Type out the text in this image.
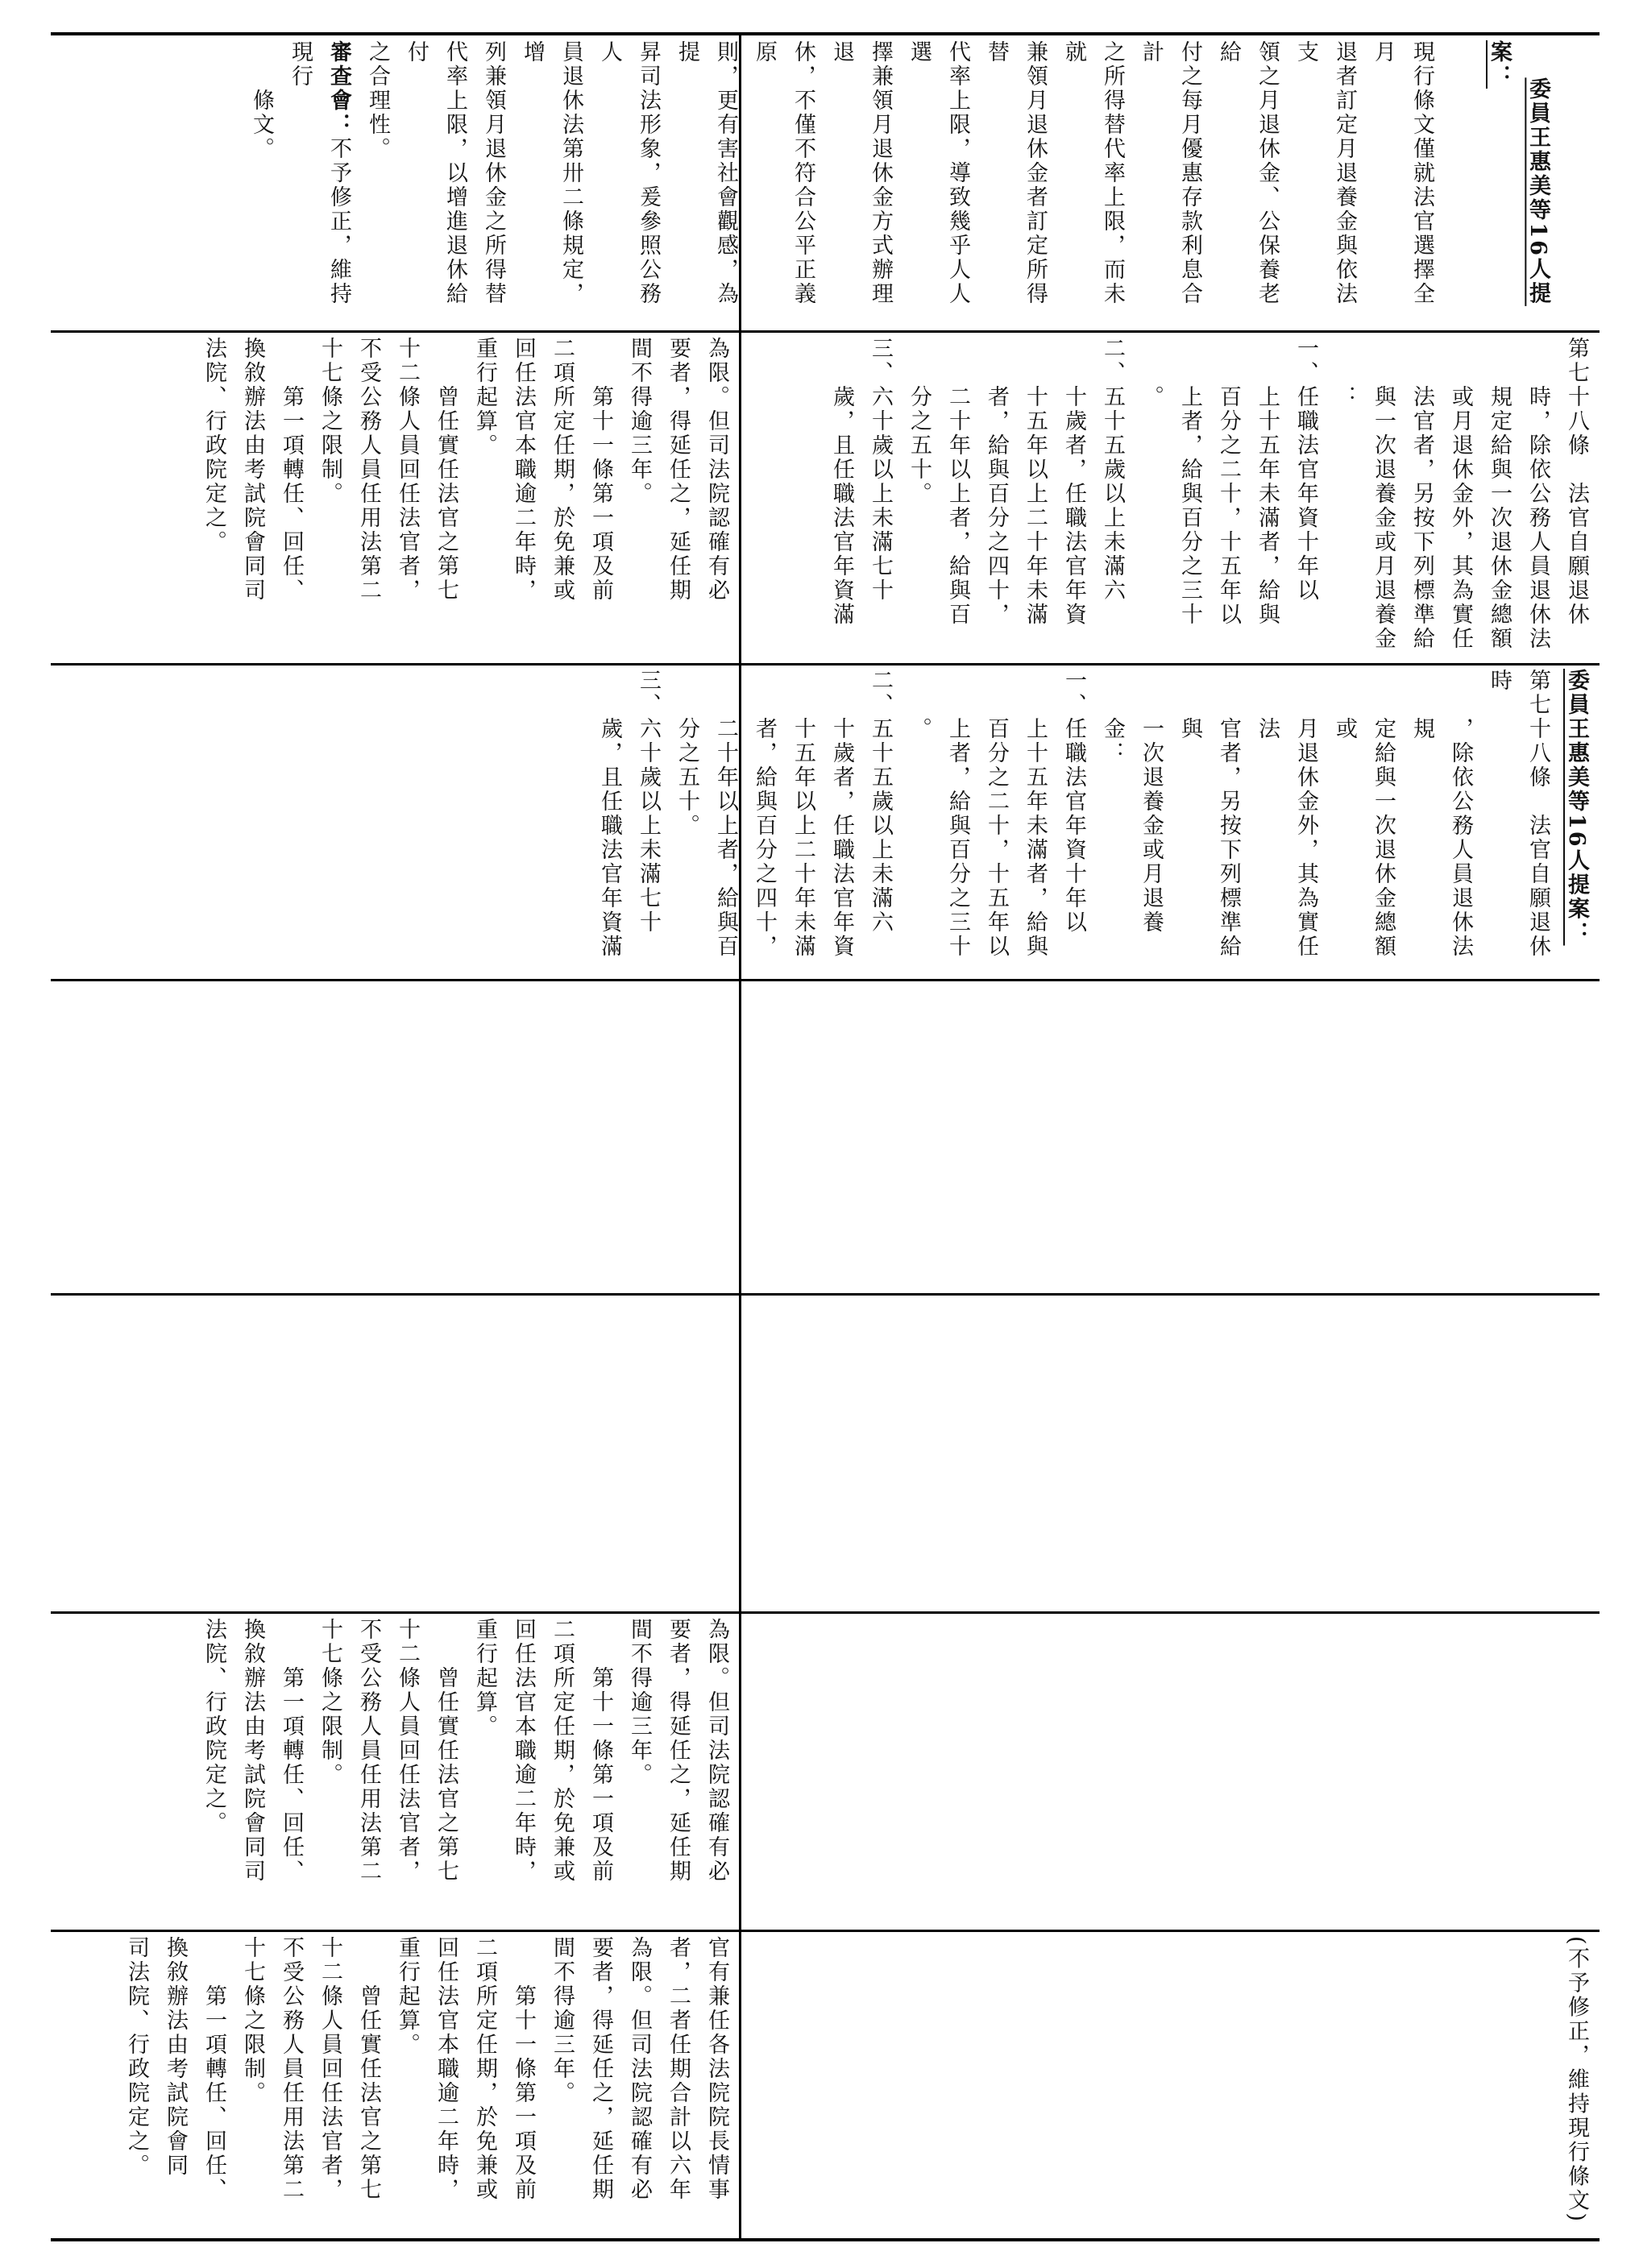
委員王惠美等16人提案：

現行條文僅就法官選擇全月
退者訂定月退養金與依法支
領之月退休金、公保養老給
付之每月優惠存款利息合計
之所得替代率上限，而未就
兼領月退休金者訂定所得替
代率上限，導致幾乎人人選
擇兼領月退休金方式辦理退
休，不僅不符合公平正義原
則，更有害社會觀感，為提
昇司法形象，爰參照公務人
員退休法第卅二條規定，增
列兼領月退休金之所得替
代率上限，以增進退休給付
之合理性。
審查會：不予修正，維持現行
條文。
為限。但司法院認確有必
要者，得延任之，延任期
間不得逾三年。
第十一條第一項及前
二項所定任期，於免兼或
回任法官本職逾二年時，
重行起算。
曾任實任法官之第七
十二條人員回任法官者，
不受公務人員任用法第二
十七條之限制。
第一項轉任、回任、
換敘辦法由考試院會同司
法院、行政院定之。	第七十八條　法官自願退休
時，除依公務人員退休法
規定給與一次退休金總額
或月退休金外，其為實任
法官者，另按下列標準給
與一次退養金或月退養金
：
一、任職法官年資十年以
上十五年未滿者，給與
百分之二十，十五年以
上者，給與百分之三十
。
二、五十五歲以上未滿六
十歲者，任職法官年資
十五年以上二十年未滿
者，給與百分之四十，
二十年以上者，給與百
分之五十。
三、六十歲以上未滿七十
歲，且任職法官年資滿
委員王惠美等16人提案：
第七十八條　法官自願退休時
，除依公務人員退休法規
定給與一次退休金總額或
月退休金外，其為實任法
官者，另按下列標準給與
一次退養金或月退養金：
一、任職法官年資十年以
上十五年未滿者，給與
百分之二十，十五年以
上者，給與百分之三十
。
二、五十五歲以上未滿六
十歲者，任職法官年資
十五年以上二十年未滿
者，給與百分之四十，
二十年以上者，給與百
分之五十。
三、六十歲以上未滿七十
歲，且任職法官年資滿
為限。但司法院認確有必
要者，得延任之，延任期
間不得逾三年。
第十一條第一項及前
二項所定任期，於免兼或
回任法官本職逾二年時，
重行起算。
曾任實任法官之第七
十二條人員回任法官者，
不受公務人員任用法第二
十七條之限制。
第一項轉任、回任、
換敘辦法由考試院會同司
法院、行政院定之。
官有兼任各法院院長情事
者，二者任期合計以六年
為限。但司法院認確有必
要者，得延任之，延任期
間不得逾三年。
第十一條第一項及前
二項所定任期，於免兼或
回任法官本職逾二年時，
重行起算。
曾任實任法官之第七
十二條人員回任法官者，
不受公務人員任用法第二
十七條之限制。
第一項轉任、回任、
換敘辦法由考試院會同
司法院、行政院定之。	(不予修正，維持現行條文)
